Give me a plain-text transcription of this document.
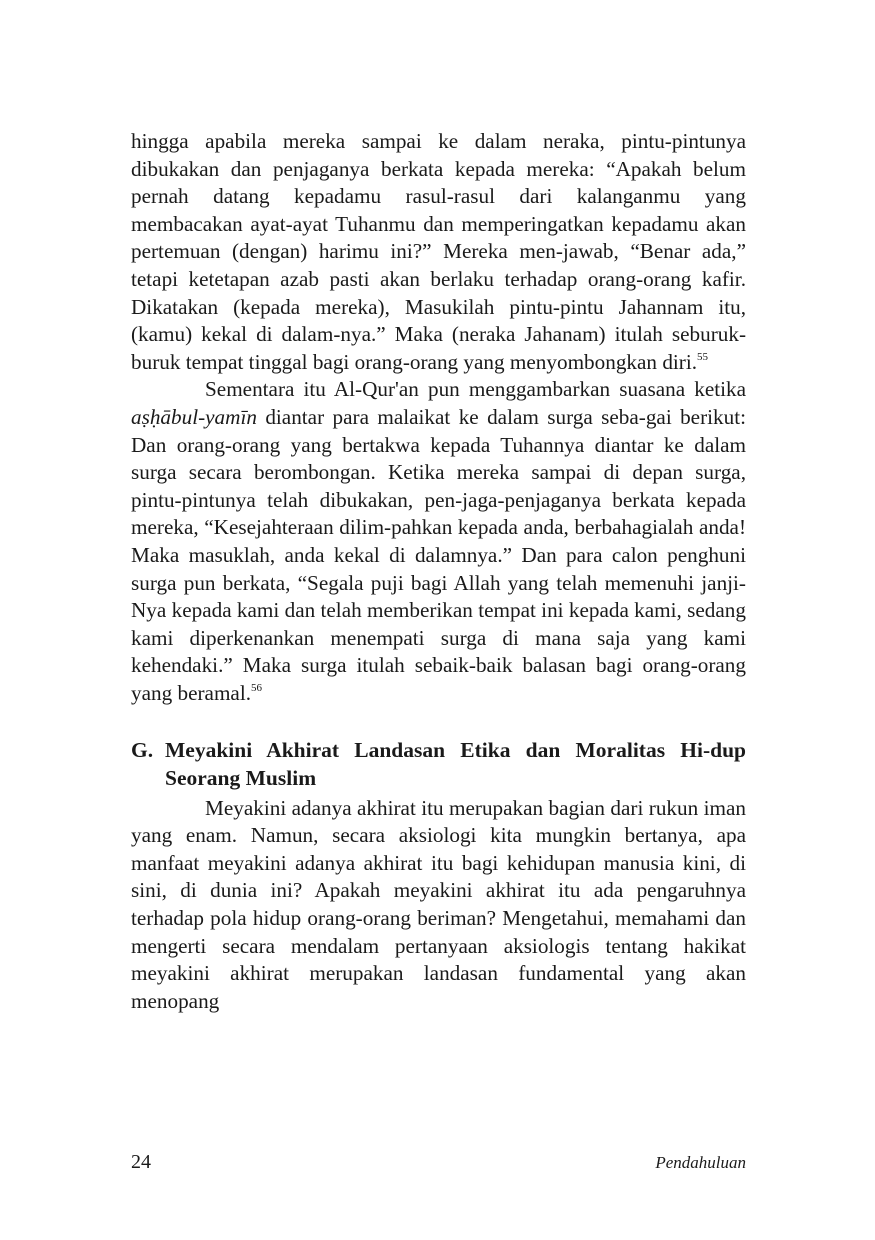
hingga apabila mereka sampai ke dalam neraka, pintu-pintunya dibukakan dan penjaganya berkata kepada mereka: “Apakah belum pernah datang kepadamu rasul-rasul dari kalanganmu yang membacakan ayat-ayat Tuhanmu dan memperingatkan kepadamu akan pertemuan (dengan) harimu ini?” Mereka men-jawab, “Benar ada,” tetapi ketetapan azab pasti akan berlaku terhadap orang-orang kafir. Dikatakan (kepada mereka), Masukilah pintu-pintu Jahannam itu, (kamu) kekal di dalam-nya.” Maka (neraka Jahanam) itulah seburuk-buruk tempat tinggal bagi orang-orang yang menyombongkan diri.$^{55}$

Sementara itu Al-Qur'an pun menggambarkan suasana ketika aṣḥābul-yamīn diantar para malaikat ke dalam surga seba-gai berikut: Dan orang-orang yang bertakwa kepada Tuhannya diantar ke dalam surga secara berombongan. Ketika mereka sampai di depan surga, pintu-pintunya telah dibukakan, pen-jaga-penjaganya berkata kepada mereka, “Kesejahteraan dilim-pahkan kepada anda, berbahagialah anda! Maka masuklah, anda kekal di dalamnya.” Dan para calon penghuni surga pun berkata, “Segala puji bagi Allah yang telah memenuhi janji-Nya kepada kami dan telah memberikan tempat ini kepada kami, sedang kami diperkenankan menempati surga di mana saja yang kami kehendaki.” Maka surga itulah sebaik-baik balasan bagi orang-orang yang beramal.$^{56}$

G. Meyakini Akhirat Landasan Etika dan Moralitas Hi-dup Seorang Muslim

Meyakini adanya akhirat itu merupakan bagian dari rukun iman yang enam. Namun, secara aksiologi kita mungkin bertanya, apa manfaat meyakini adanya akhirat itu bagi kehidupan manusia kini, di sini, di dunia ini? Apakah meyakini akhirat itu ada pengaruhnya terhadap pola hidup orang-orang beriman? Mengetahui, memahami dan mengerti secara mendalam pertanyaan aksiologis tentang hakikat meyakini akhirat merupakan landasan fundamental yang akan menopang

24	Pendahuluan
